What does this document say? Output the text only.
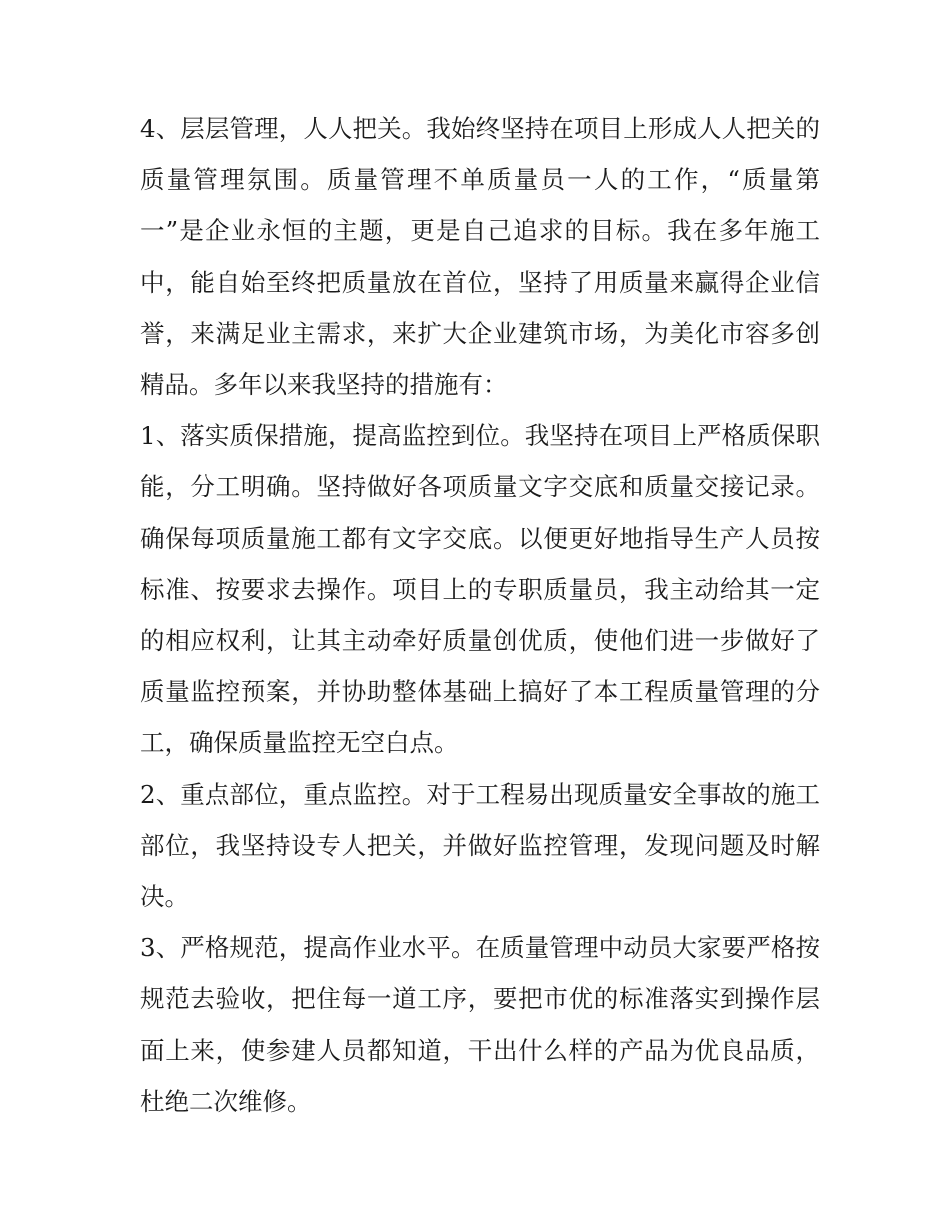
4、层层管理，人人把关。我始终坚持在项目上形成人人把关的质量管理氛围。质量管理不单质量员一人的工作，“质量第一”是企业永恒的主题，更是自己追求的目标。我在多年施工中，能自始至终把质量放在首位，坚持了用质量来赢得企业信誉，来满足业主需求，来扩大企业建筑市场，为美化市容多创精品。多年以来我坚持的措施有：

1、落实质保措施，提高监控到位。我坚持在项目上严格质保职能，分工明确。坚持做好各项质量文字交底和质量交接记录。确保每项质量施工都有文字交底。以便更好地指导生产人员按标准、按要求去操作。项目上的专职质量员，我主动给其一定的相应权利，让其主动牵好质量创优质，使他们进一步做好了质量监控预案，并协助整体基础上搞好了本工程质量管理的分工，确保质量监控无空白点。

2、重点部位，重点监控。对于工程易出现质量安全事故的施工部位，我坚持设专人把关，并做好监控管理，发现问题及时解决。

3、严格规范，提高作业水平。在质量管理中动员大家要严格按规范去验收，把住每一道工序，要把市优的标准落实到操作层面上来，使参建人员都知道，干出什么样的产品为优良品质，杜绝二次维修。
